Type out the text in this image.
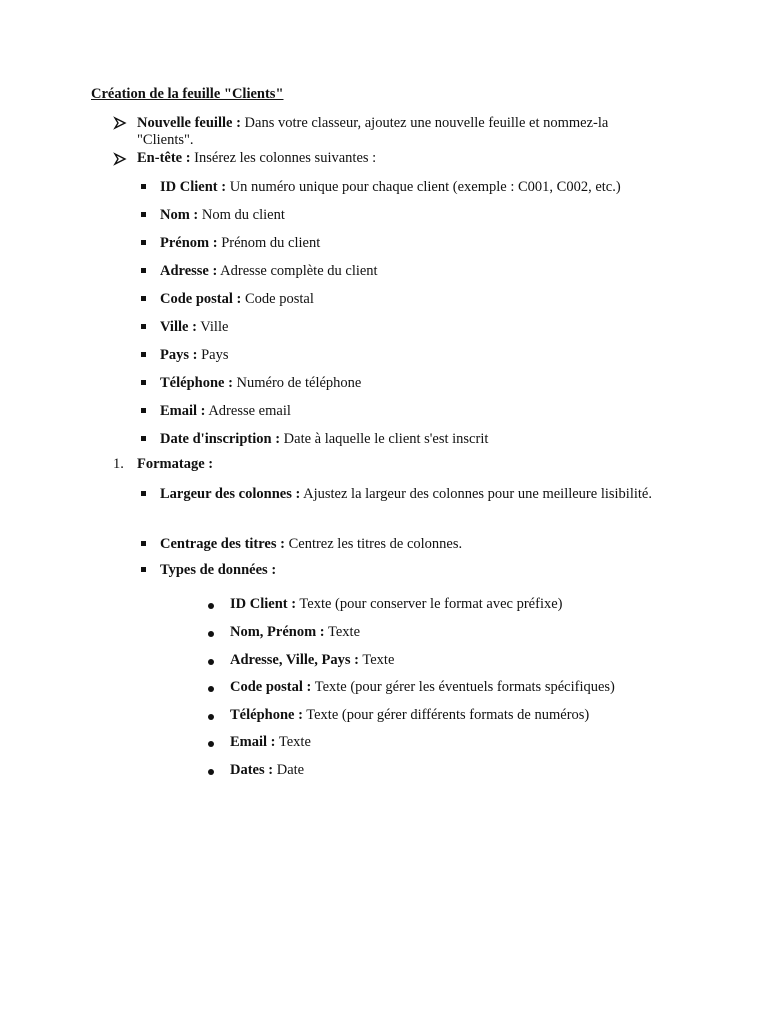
Création de la feuille "Clients"
Nouvelle feuille : Dans votre classeur, ajoutez une nouvelle feuille et nommez-la "Clients".
En-tête : Insérez les colonnes suivantes :
ID Client : Un numéro unique pour chaque client (exemple : C001, C002, etc.)
Nom : Nom du client
Prénom : Prénom du client
Adresse : Adresse complète du client
Code postal : Code postal
Ville : Ville
Pays : Pays
Téléphone : Numéro de téléphone
Email : Adresse email
Date d'inscription : Date à laquelle le client s'est inscrit
1. Formatage :
Largeur des colonnes : Ajustez la largeur des colonnes pour une meilleure lisibilité.
Centrage des titres : Centrez les titres de colonnes.
Types de données :
ID Client : Texte (pour conserver le format avec préfixe)
Nom, Prénom : Texte
Adresse, Ville, Pays : Texte
Code postal : Texte (pour gérer les éventuels formats spécifiques)
Téléphone : Texte (pour gérer différents formats de numéros)
Email : Texte
Dates : Date
